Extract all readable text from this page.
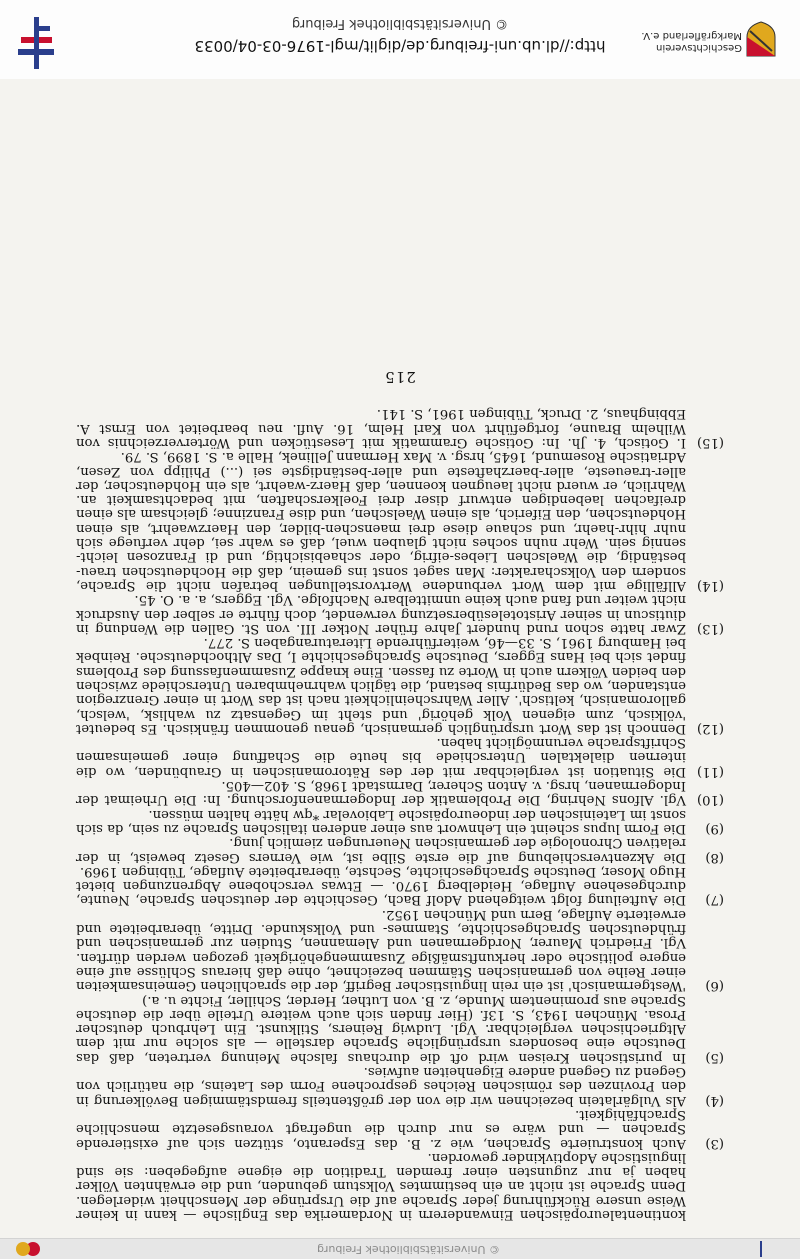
© Universitätsbibliothek Freiburg
kontinentaleuropäischen Einwanderern in Nordamerika das Englische — kann in keiner Weise unsere Rückführung jeder Sprache auf die Ursprünge der Menschheit widerlegen. Denn Sprache ist nicht an ein bestimmtes Volkstum gebunden, und die erwähnten Völker haben ja nur zugunsten einer fremden Tradition die eigene aufgegeben: sie sind linguistische Adoptivkinder geworden.
(3)
Auch konstruierte Sprachen, wie z. B. das Esperanto, stützen sich auf existierende Sprachen — und wäre es nur durch die ungefragt vorausgesetzte menschliche Sprachfähigkeit.
(4)
Als Vulgärlatein bezeichnen wir die von der größtenteils fremdstämmigen Bevölkerung in den Provinzen des römischen Reiches gesprochene Form des Lateins, die natürlich von Gegend zu Gegend andere Eigenheiten aufwies.
(5)
In puristischen Kreisen wird oft die durchaus falsche Meinung vertreten, daß das Deutsche eine besonders ursprüngliche Sprache darstelle — als solche nur mit dem Altgriechischen vergleichbar. Vgl. Ludwig Reiners, Stilkunst. Ein Lehrbuch deutscher Prosa. München 1943, S. 13f. (Hier finden sich auch weitere Urteile über die deutsche Sprache aus prominentem Munde, z. B. von Luther, Herder, Schiller, Fichte u. a.)
(6)
'Westgermanisch' ist ein rein linguistischer Begriff, der die sprachlichen Gemeinsamkeiten einer Reihe von germanischen Stämmen bezeichnet, ohne daß hieraus Schlüsse auf eine engere politische oder herkunftsmäßige Zusammengehörigkeit gezogen werden dürften. Vgl. Friedrich Maurer, Nordgermanen und Alemannen, Studien zur germanischen und frühdeutschen Sprachgeschichte, Stammes- und Volkskunde. Dritte, überarbeitete und erweiterte Auflage, Bern und München 1952.
(7)
Die Aufteilung folgt weitgehend Adolf Bach, Geschichte der deutschen Sprache, Neunte, durchgesehene Auflage, Heidelberg 1970. — Etwas verschobene Abgrenzungen bietet Hugo Moser, Deutsche Sprachgeschichte, Sechste, überarbeitete Auflage, Tübingen 1969.
(8)
Die Akzentverschiebung auf die erste Silbe ist, wie Verners Gesetz beweist, in der relativen Chronologie der germanischen Neuerungen ziemlich jung.
(9)
Die Form lupus scheint ein Lehnwort aus einer anderen italischen Sprache zu sein, da sich sonst im Lateinischen der indoeuropäische Labiovelar *qw hätte halten müssen.
(10)
Vgl. Alfons Nehring, Die Problematik der Indogermanenforschung. In: Die Urheimat der Indogermanen, hrsg. v. Anton Scherer, Darmstadt 1968, S. 402—405.
(11)
Die Situation ist vergleichbar mit der des Rätoromanischen in Graubünden, wo die internen dialektalen Unterschiede bis heute die Schaffung einer gemeinsamen Schriftsprache verunmöglicht haben.
(12)
Dennoch ist das Wort ursprünglich germanisch, genau genommen fränkisch. Es bedeutet 'völkisch, zum eigenen Volk gehörig' und steht im Gegensatz zu wahlisk, 'welsch, galloromanisch, keltisch'. Aller Wahrscheinlichkeit nach ist das Wort in einer Grenzregion entstanden, wo das Bedürfnis bestand, die täglich wahrnehmbaren Unterschiede zwischen den beiden Völkern auch in Worte zu fassen. Eine knappe Zusammenfassung des Problems findet sich bei Hans Eggers, Deutsche Sprachgeschichte I, Das Althochdeutsche. Reinbek bei Hamburg 1961, S. 33—46, weiterführende Literaturangaben S. 277.
(13)
Zwar hatte schon rund hundert Jahre früher Notker III. von St. Gallen die Wendung in diutiscun in seiner Aristotelesübersetzung verwendet, doch führte er selber den Ausdruck nicht weiter und fand auch keine unmittelbare Nachfolge. Vgl. Eggers, a. a. O. 45.
(14)
Allfällige mit dem Wort verbundene Wertvorstellungen betrafen nicht die Sprache, sondern den Volkscharakter: Man saget sonst ins gemein, daß die Hochdeutschen traeu-beständig, die Waelschen Liebes-eifrig, oder schaebisichtig, und di Franzosen leicht-sennig sein. Wehr nuhn soches nicht glauben wuel, daß es wahr sei, dehr verfuege sich nuhr hihr-haehr, und schaue diese drei maenschen-bilder, den Haerzwaehrt, als einen Hohdeutschen, den Eiferich, als einen Waelschen, und dise Franzinne; gleichsam als einen dreifachen laebendigen entwurf diser drei Foelkerschaften, mit bedachtsamkeit an. Wahrlich, er wuerd nicht laeugnen koennen, daß Haerz-waehrt, als ein Hohdeutscher, der aller-traeueste, aller-baerzhafteste und aller-beständigste sei (...) Philipp von Zesen, Adriatische Rosemund, 1645, hrsg. v. Max Hermann Jellinek, Halle a. S. 1899, S. 79.
(15)
I. Gotisch, 4. Jh. In: Gotische Grammatik mit Lesestücken und Wörterverzeichnis von Wilhelm Braune, fortgeführt von Karl Helm, 16. Aufl. neu bearbeitet von Ernst A. Ebbinghaus, 2. Druck, Tübingen 1961, S. 141.
215
Geschichtsverein
Markgräflerland e.V.
http://dl.ub.uni-freiburg.de/diglit/mgl-1976-03-04/0033
© Universitätsbibliothek Freiburg
